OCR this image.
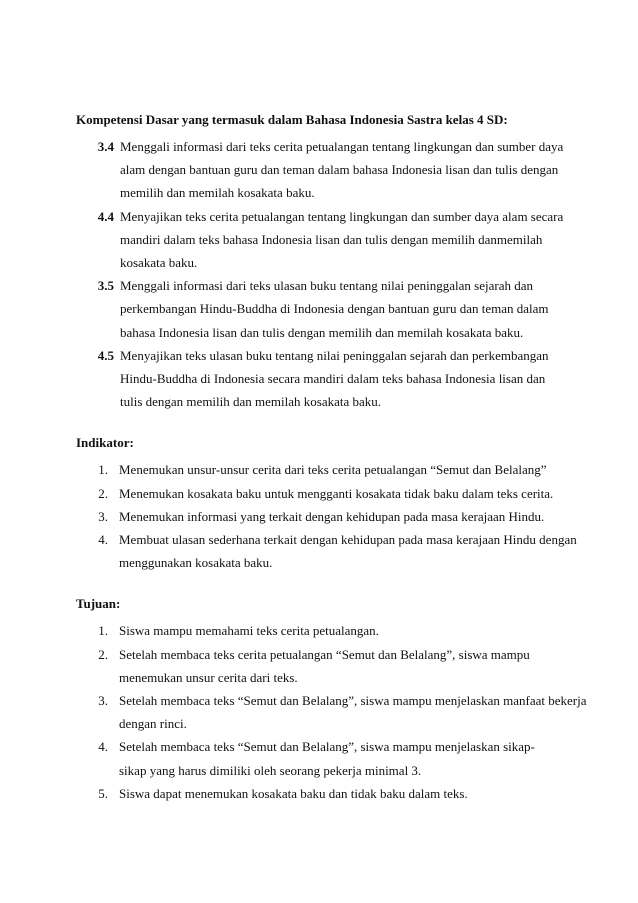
Kompetensi Dasar yang termasuk dalam Bahasa Indonesia Sastra kelas 4 SD:
3.4 Menggali informasi dari teks cerita petualangan tentang lingkungan dan sumber daya
alam dengan bantuan guru dan teman dalam bahasa Indonesia lisan dan tulis dengan
memilih dan memilah kosakata baku.
4.4 Menyajikan teks cerita petualangan tentang lingkungan dan sumber daya alam secara
mandiri dalam teks bahasa Indonesia lisan dan tulis dengan memilih danmemilah
kosakata baku.
3.5 Menggali informasi dari teks ulasan buku tentang nilai peninggalan sejarah dan
perkembangan Hindu-Buddha di Indonesia dengan bantuan guru dan teman dalam
bahasa Indonesia lisan dan tulis dengan memilih dan memilah kosakata baku.
4.5 Menyajikan teks ulasan buku tentang nilai peninggalan sejarah dan perkembangan
Hindu-Buddha di Indonesia secara mandiri dalam teks bahasa Indonesia lisan dan
tulis dengan memilih dan memilah kosakata baku.
Indikator:
1. Menemukan unsur-unsur cerita dari teks cerita petualangan “Semut dan Belalang”
2. Menemukan kosakata baku untuk mengganti kosakata tidak baku dalam teks cerita.
3. Menemukan informasi yang terkait dengan kehidupan pada masa kerajaan Hindu.
4. Membuat ulasan sederhana terkait dengan kehidupan pada masa kerajaan Hindu dengan
menggunakan kosakata baku.
Tujuan:
1. Siswa mampu memahami teks cerita petualangan.
2. Setelah membaca teks cerita petualangan “Semut dan Belalang”, siswa mampu
menemukan unsur cerita dari teks.
3. Setelah membaca teks “Semut dan Belalang”, siswa mampu menjelaskan manfaat bekerja
dengan rinci.
4. Setelah membaca teks “Semut dan Belalang”, siswa mampu menjelaskan sikap-
sikap yang harus dimiliki oleh seorang pekerja minimal 3.
5. Siswa dapat menemukan kosakata baku dan tidak baku dalam teks.
